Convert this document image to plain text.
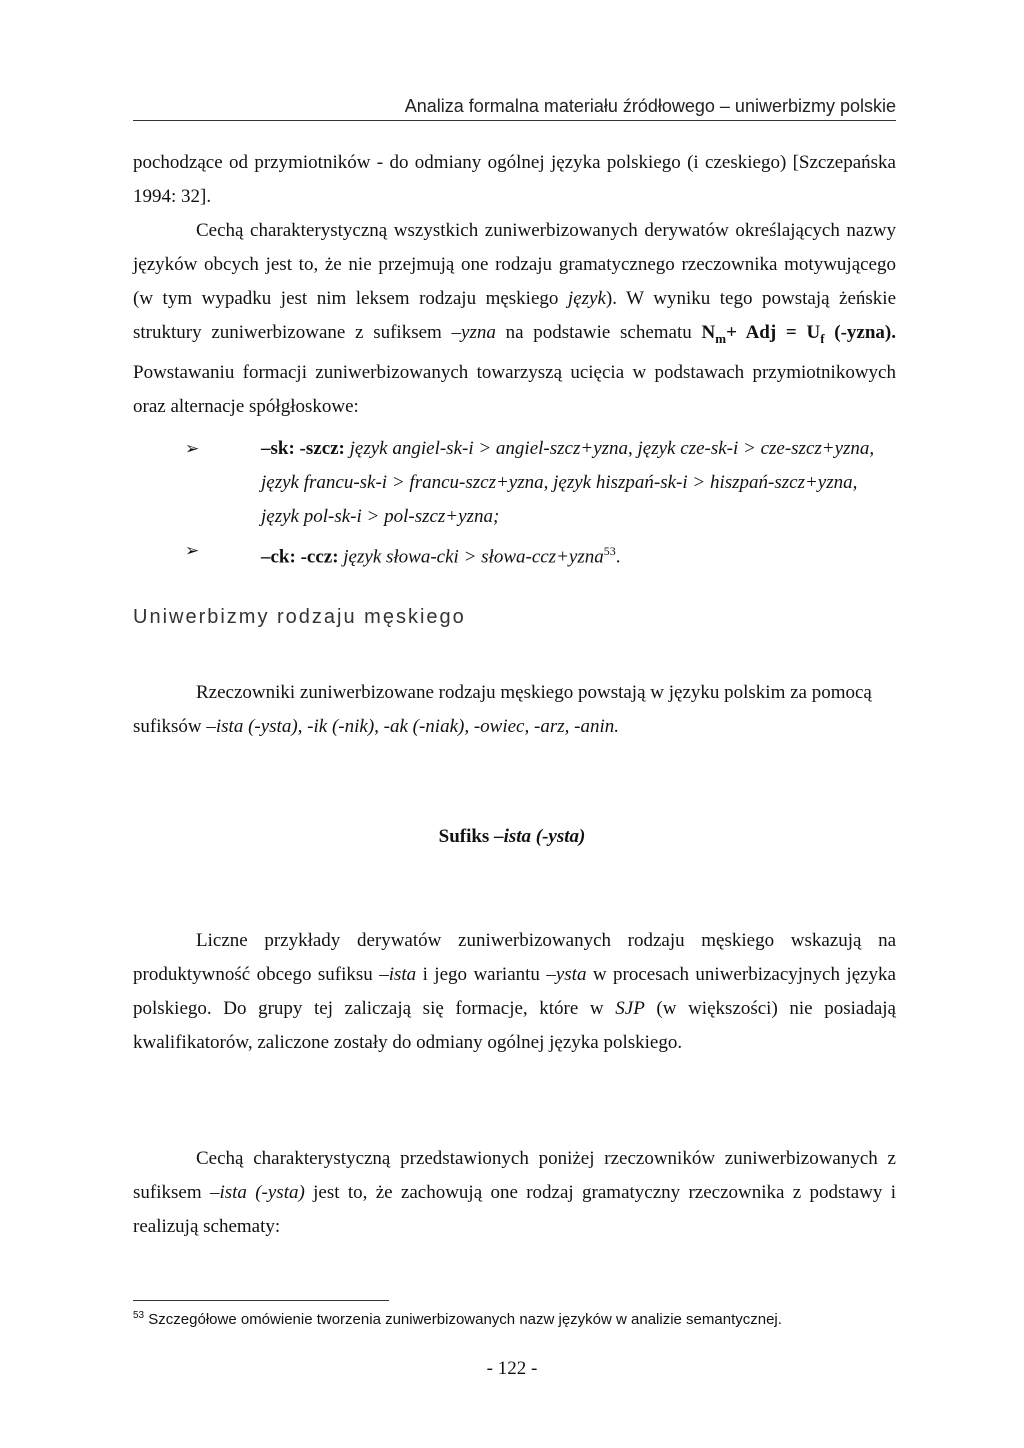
Analiza formalna materiału źródłowego – uniwerbizmy polskie
pochodzące od przymiotników - do odmiany ogólnej języka polskiego (i czeskiego) [Szczepańska 1994: 32].
Cechą charakterystyczną wszystkich zuniwerbizowanych derywatów określających nazwy języków obcych jest to, że nie przejmują one rodzaju gramatycznego rzeczownika motywującego (w tym wypadku jest nim leksem rodzaju męskiego język). W wyniku tego powstają żeńskie struktury zuniwerbizowane z sufiksem –yzna na podstawie schematu $N_m+$ Adj = $U_f$ (-yzna). Powstawaniu formacji zuniwerbizowanych towarzyszą ucięcia w podstawach przymiotnikowych oraz alternacje spółgłoskowe:
➢	–sk: -szcz: język angiel-sk-i > angiel-szcz+yzna, język cze-sk-i > cze-szcz+yzna, język francu-sk-i > francu-szcz+yzna, język hiszpań-sk-i > hiszpań-szcz+yzna, język pol-sk-i > pol-szcz+yzna;
➢	–ck: -ccz: język słowa-cki > słowa-ccz+yzna$^{53}$.
Uniwerbizmy rodzaju męskiego
Rzeczowniki zuniwerbizowane rodzaju męskiego powstają w języku polskim za pomocą sufiksów –ista (-ysta), -ik (-nik), -ak (-niak), -owiec, -arz, -anin.
Sufiks –ista (-ysta)
Liczne przykłady derywatów zuniwerbizowanych rodzaju męskiego wskazują na produktywność obcego sufiksu –ista i jego wariantu –ysta w procesach uniwerbizacyjnych języka polskiego. Do grupy tej zaliczają się formacje, które w SJP (w większości) nie posiadają kwalifikatorów, zaliczone zostały do odmiany ogólnej języka polskiego.
Cechą charakterystyczną przedstawionych poniżej rzeczowników zuniwerbizowanych z sufiksem –ista (-ysta) jest to, że zachowują one rodzaj gramatyczny rzeczownika z podstawy i realizują schematy:
$^{53}$ Szczegółowe omówienie tworzenia zuniwerbizowanych nazw języków w analizie semantycznej.
- 122 -
